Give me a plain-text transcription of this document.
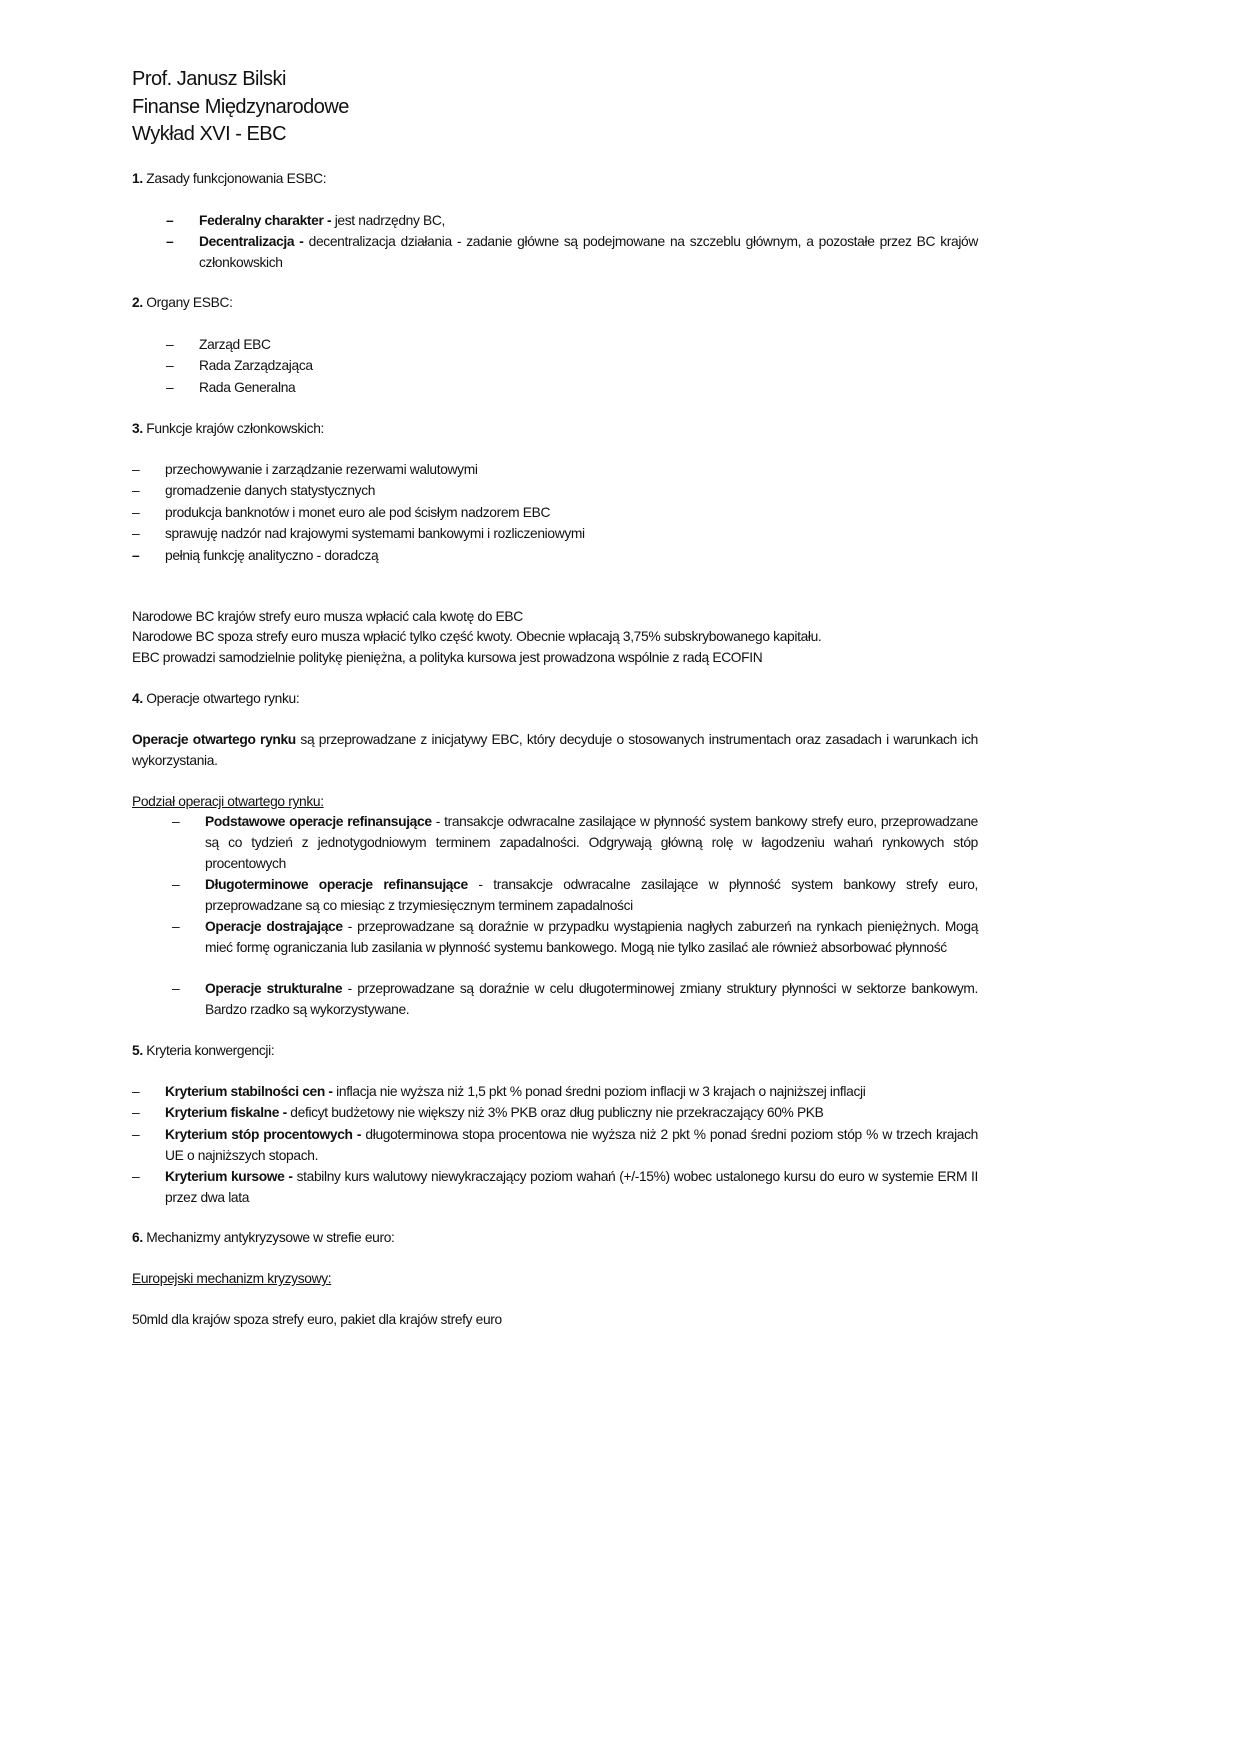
Prof. Janusz Bilski
Finanse Międzynarodowe
Wykład XVI - EBC
1. Zasady funkcjonowania ESBC:
– Federalny charakter - jest nadrzędny BC,
– Decentralizacja - decentralizacja działania - zadanie główne są podejmowane na szczeblu głównym, a pozostałe przez BC krajów członkowskich
2. Organy ESBC:
– Zarząd EBC
– Rada Zarządzająca
– Rada Generalna
3. Funkcje krajów członkowskich:
– przechowywanie i zarządzanie rezerwami walutowymi
– gromadzenie danych statystycznych
– produkcja banknotów i monet euro ale pod ścisłym nadzorem EBC
– sprawuję nadzór nad krajowymi systemami bankowymi i rozliczeniowymi
– pełnią funkcję analityczno - doradczą
Narodowe BC krajów strefy euro musza wpłacić cala kwotę do EBC
Narodowe BC spoza strefy euro musza wpłacić tylko część kwoty. Obecnie wpłacają 3,75% subskrybowanego kapitału.
EBC prowadzi samodzielnie politykę pieniężna, a polityka kursowa jest prowadzona wspólnie z radą ECOFIN
4. Operacje otwartego rynku:
Operacje otwartego rynku są przeprowadzane z inicjatywy EBC, który decyduje o stosowanych instrumentach oraz zasadach i warunkach ich wykorzystania.
Podział operacji otwartego rynku:
– Podstawowe operacje refinansujące - transakcje odwracalne zasilające w płynność system bankowy strefy euro, przeprowadzane są co tydzień z jednotygodniowym terminem zapadalności. Odgrywają główną rolę w łagodzeniu wahań rynkowych stóp procentowych
– Długoterminowe operacje refinansujące - transakcje odwracalne zasilające w płynność system bankowy strefy euro, przeprowadzane są co miesiąc z trzymiesięcznym terminem zapadalności
– Operacje dostrajające - przeprowadzane są doraźnie w przypadku wystąpienia nagłych zaburzeń na rynkach pieniężnych. Mogą mieć formę ograniczania lub zasilania w płynność systemu bankowego. Mogą nie tylko zasilać ale również absorbować płynność
– Operacje strukturalne - przeprowadzane są doraźnie w celu długoterminowej zmiany struktury płynności w sektorze bankowym. Bardzo rzadko są wykorzystywane.
5. Kryteria konwergencji:
– Kryterium stabilności cen - inflacja nie wyższa niż 1,5 pkt % ponad średni poziom inflacji w 3 krajach o najniższej inflacji
– Kryterium fiskalne - deficyt budżetowy nie większy niż 3% PKB oraz dług publiczny nie przekraczający 60% PKB
– Kryterium stóp procentowych - długoterminowa stopa procentowa nie wyższa niż 2 pkt % ponad średni poziom stóp % w trzech krajach UE o najniższych stopach.
– Kryterium kursowe - stabilny kurs walutowy niewykraczający poziom wahań (+/-15%) wobec ustalonego kursu do euro w systemie ERM II przez dwa lata
6. Mechanizmy antykryzysowe w strefie euro:
Europejski mechanizm kryzysowy:
50mld dla krajów spoza strefy euro, pakiet dla krajów strefy euro
